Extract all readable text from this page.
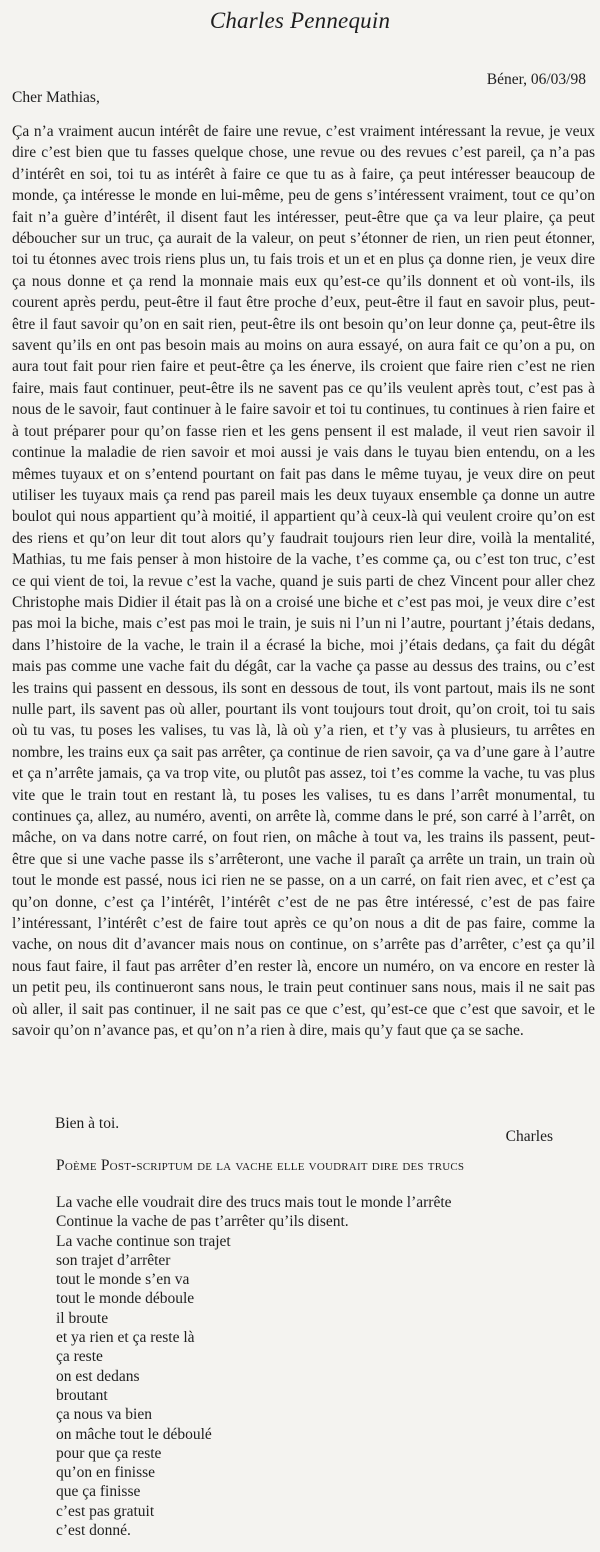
Charles Pennequin
Béner, 06/03/98
Cher Mathias,

Ça n’a vraiment aucun intérêt de faire une revue, c’est vraiment intéressant la revue, je veux dire c’est bien que tu fasses quelque chose, une revue ou des revues c’est pareil, ça n’a pas d’intérêt en soi, toi tu as intérêt à faire ce que tu as à faire, ça peut intéresser beaucoup de monde, ça intéresse le monde en lui-même, peu de gens s’intéressent vraiment, tout ce qu’on fait n’a guère d’intérêt, il disent faut les intéresser, peut-être que ça va leur plaire, ça peut déboucher sur un truc, ça aurait de la valeur, on peut s’étonner de rien, un rien peut étonner, toi tu étonnes avec trois riens plus un, tu fais trois et un et en plus ça donne rien, je veux dire ça nous donne et ça rend la monnaie mais eux qu’est-ce qu’ils donnent et où vont-ils, ils courent après perdu, peut-être il faut être proche d’eux, peut-être il faut en savoir plus, peut-être il faut savoir qu’on en sait rien, peut-être ils ont besoin qu’on leur donne ça, peut-être ils savent qu’ils en ont pas besoin mais au moins on aura essayé, on aura fait ce qu’on a pu, on aura tout fait pour rien faire et peut-être ça les énerve, ils croient que faire rien c’est ne rien faire, mais faut continuer, peut-être ils ne savent pas ce qu’ils veulent après tout, c’est pas à nous de le savoir, faut continuer à le faire savoir et toi tu continues, tu continues à rien faire et à tout préparer pour qu’on fasse rien et les gens pensent il est malade, il veut rien savoir il continue la maladie de rien savoir et moi aussi je vais dans le tuyau bien entendu, on a les mêmes tuyaux et on s’entend pourtant on fait pas dans le même tuyau, je veux dire on peut utiliser les tuyaux mais ça rend pas pareil mais les deux tuyaux ensemble ça donne un autre boulot qui nous appartient qu’à moitié, il appartient qu’à ceux-là qui veulent croire qu’on est des riens et qu’on leur dit tout alors qu’y faudrait toujours rien leur dire, voilà la mentalité, Mathias, tu me fais penser à mon histoire de la vache, t’es comme ça, ou c’est ton truc, c’est ce qui vient de toi, la revue c’est la vache, quand je suis parti de chez Vincent pour aller chez Christophe mais Didier il était pas là on a croisé une biche et c’est pas moi, je veux dire c’est pas moi la biche, mais c’est pas moi le train, je suis ni l’un ni l’autre, pourtant j’étais dedans, dans l’histoire de la vache, le train il a écrasé la biche, moi j’étais dedans, ça fait du dégât mais pas comme une vache fait du dégât, car la vache ça passe au dessus des trains, ou c’est les trains qui passent en dessous, ils sont en dessous de tout, ils vont partout, mais ils ne sont nulle part, ils savent pas où aller, pourtant ils vont toujours tout droit, qu’on croit, toi tu sais où tu vas, tu poses les valises, tu vas là, là où y’a rien, et t’y vas à plusieurs, tu arrêtes en nombre, les trains eux ça sait pas arrêter, ça continue de rien savoir, ça va d’une gare à l’autre et ça n’arrête jamais, ça va trop vite, ou plutôt pas assez, toi t’es comme la vache, tu vas plus vite que le train tout en restant là, tu poses les valises, tu es dans l’arrêt monumental, tu continues ça, allez, au numéro, aventi, on arrête là, comme dans le pré, son carré à l’arrêt, on mâche, on va dans notre carré, on fout rien, on mâche à tout va, les trains ils passent, peut-être que si une vache passe ils s’arrêteront, une vache il paraît ça arrête un train, un train où tout le monde est passé, nous ici rien ne se passe, on a un carré, on fait rien avec, et c’est ça qu’on donne, c’est ça l’intérêt, l’intérêt c’est de ne pas être intéressé, c’est de pas faire l’intéressant, l’intérêt c’est de faire tout après ce qu’on nous a dit de pas faire, comme la vache, on nous dit d’avancer mais nous on continue, on s’arrête pas d’arrêter, c’est ça qu’il nous faut faire, il faut pas arrêter d’en rester là, encore un numéro, on va encore en rester là un petit peu, ils continueront sans nous, le train peut continuer sans nous, mais il ne sait pas où aller, il sait pas continuer, il ne sait pas ce que c’est, qu’est-ce que c’est que savoir, et le savoir qu’on n’avance pas, et qu’on n’a rien à dire, mais qu’y faut que ça se sache.

Bien à toi.
Charles
Poème Post-scriptum de la vache elle voudrait dire des trucs
La vache elle voudrait dire des trucs mais tout le monde l’arrête
Continue la vache de pas t’arrêter qu’ils disent.
La vache continue son trajet
son trajet d’arrêter
tout le monde s’en va
tout le monde déboule
il broute
et ya rien et ça reste là
ça reste
on est dedans
broutant
ça nous va bien
on mâche tout le déboulé
pour que ça reste
qu’on en finisse
que ça finisse
c’est pas gratuit
c’est donné.
